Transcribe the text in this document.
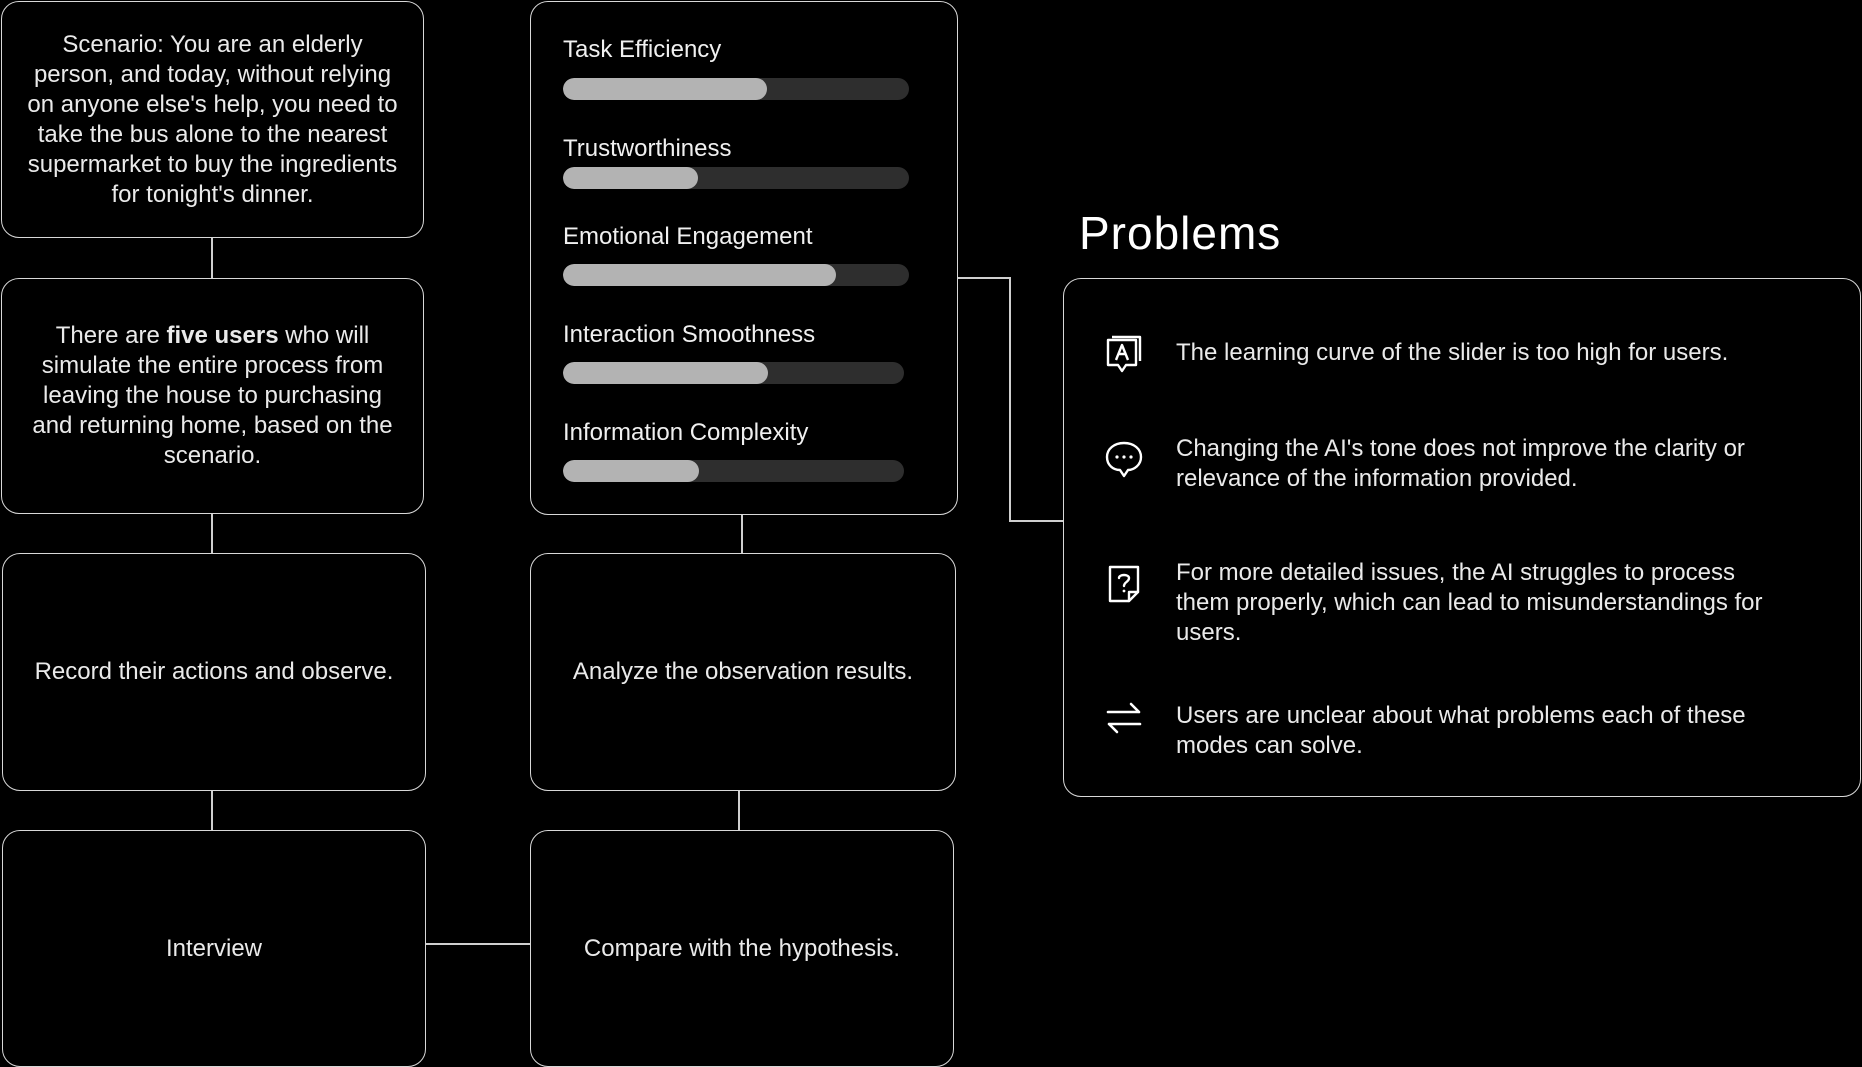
Scenario: You are an elderly person, and today, without relying on anyone else's help, you need to take the bus alone to the nearest supermarket to buy the ingredients for tonight's dinner.
There are five users who will simulate the entire process from leaving the house to purchasing and returning home, based on the scenario.
Record their actions and observe.
Interview
Task Efficiency
Trustworthiness
Emotional Engagement
Interaction Smoothness
Information Complexity
Analyze the observation results.
Compare with the hypothesis.
Problems
The learning curve of the slider is too high for users.
Changing the AI's tone does not improve the clarity or relevance of the information provided.
For more detailed issues, the AI struggles to process them properly, which can lead to misunderstandings for users.
Users are unclear about what problems each of these modes can solve.
